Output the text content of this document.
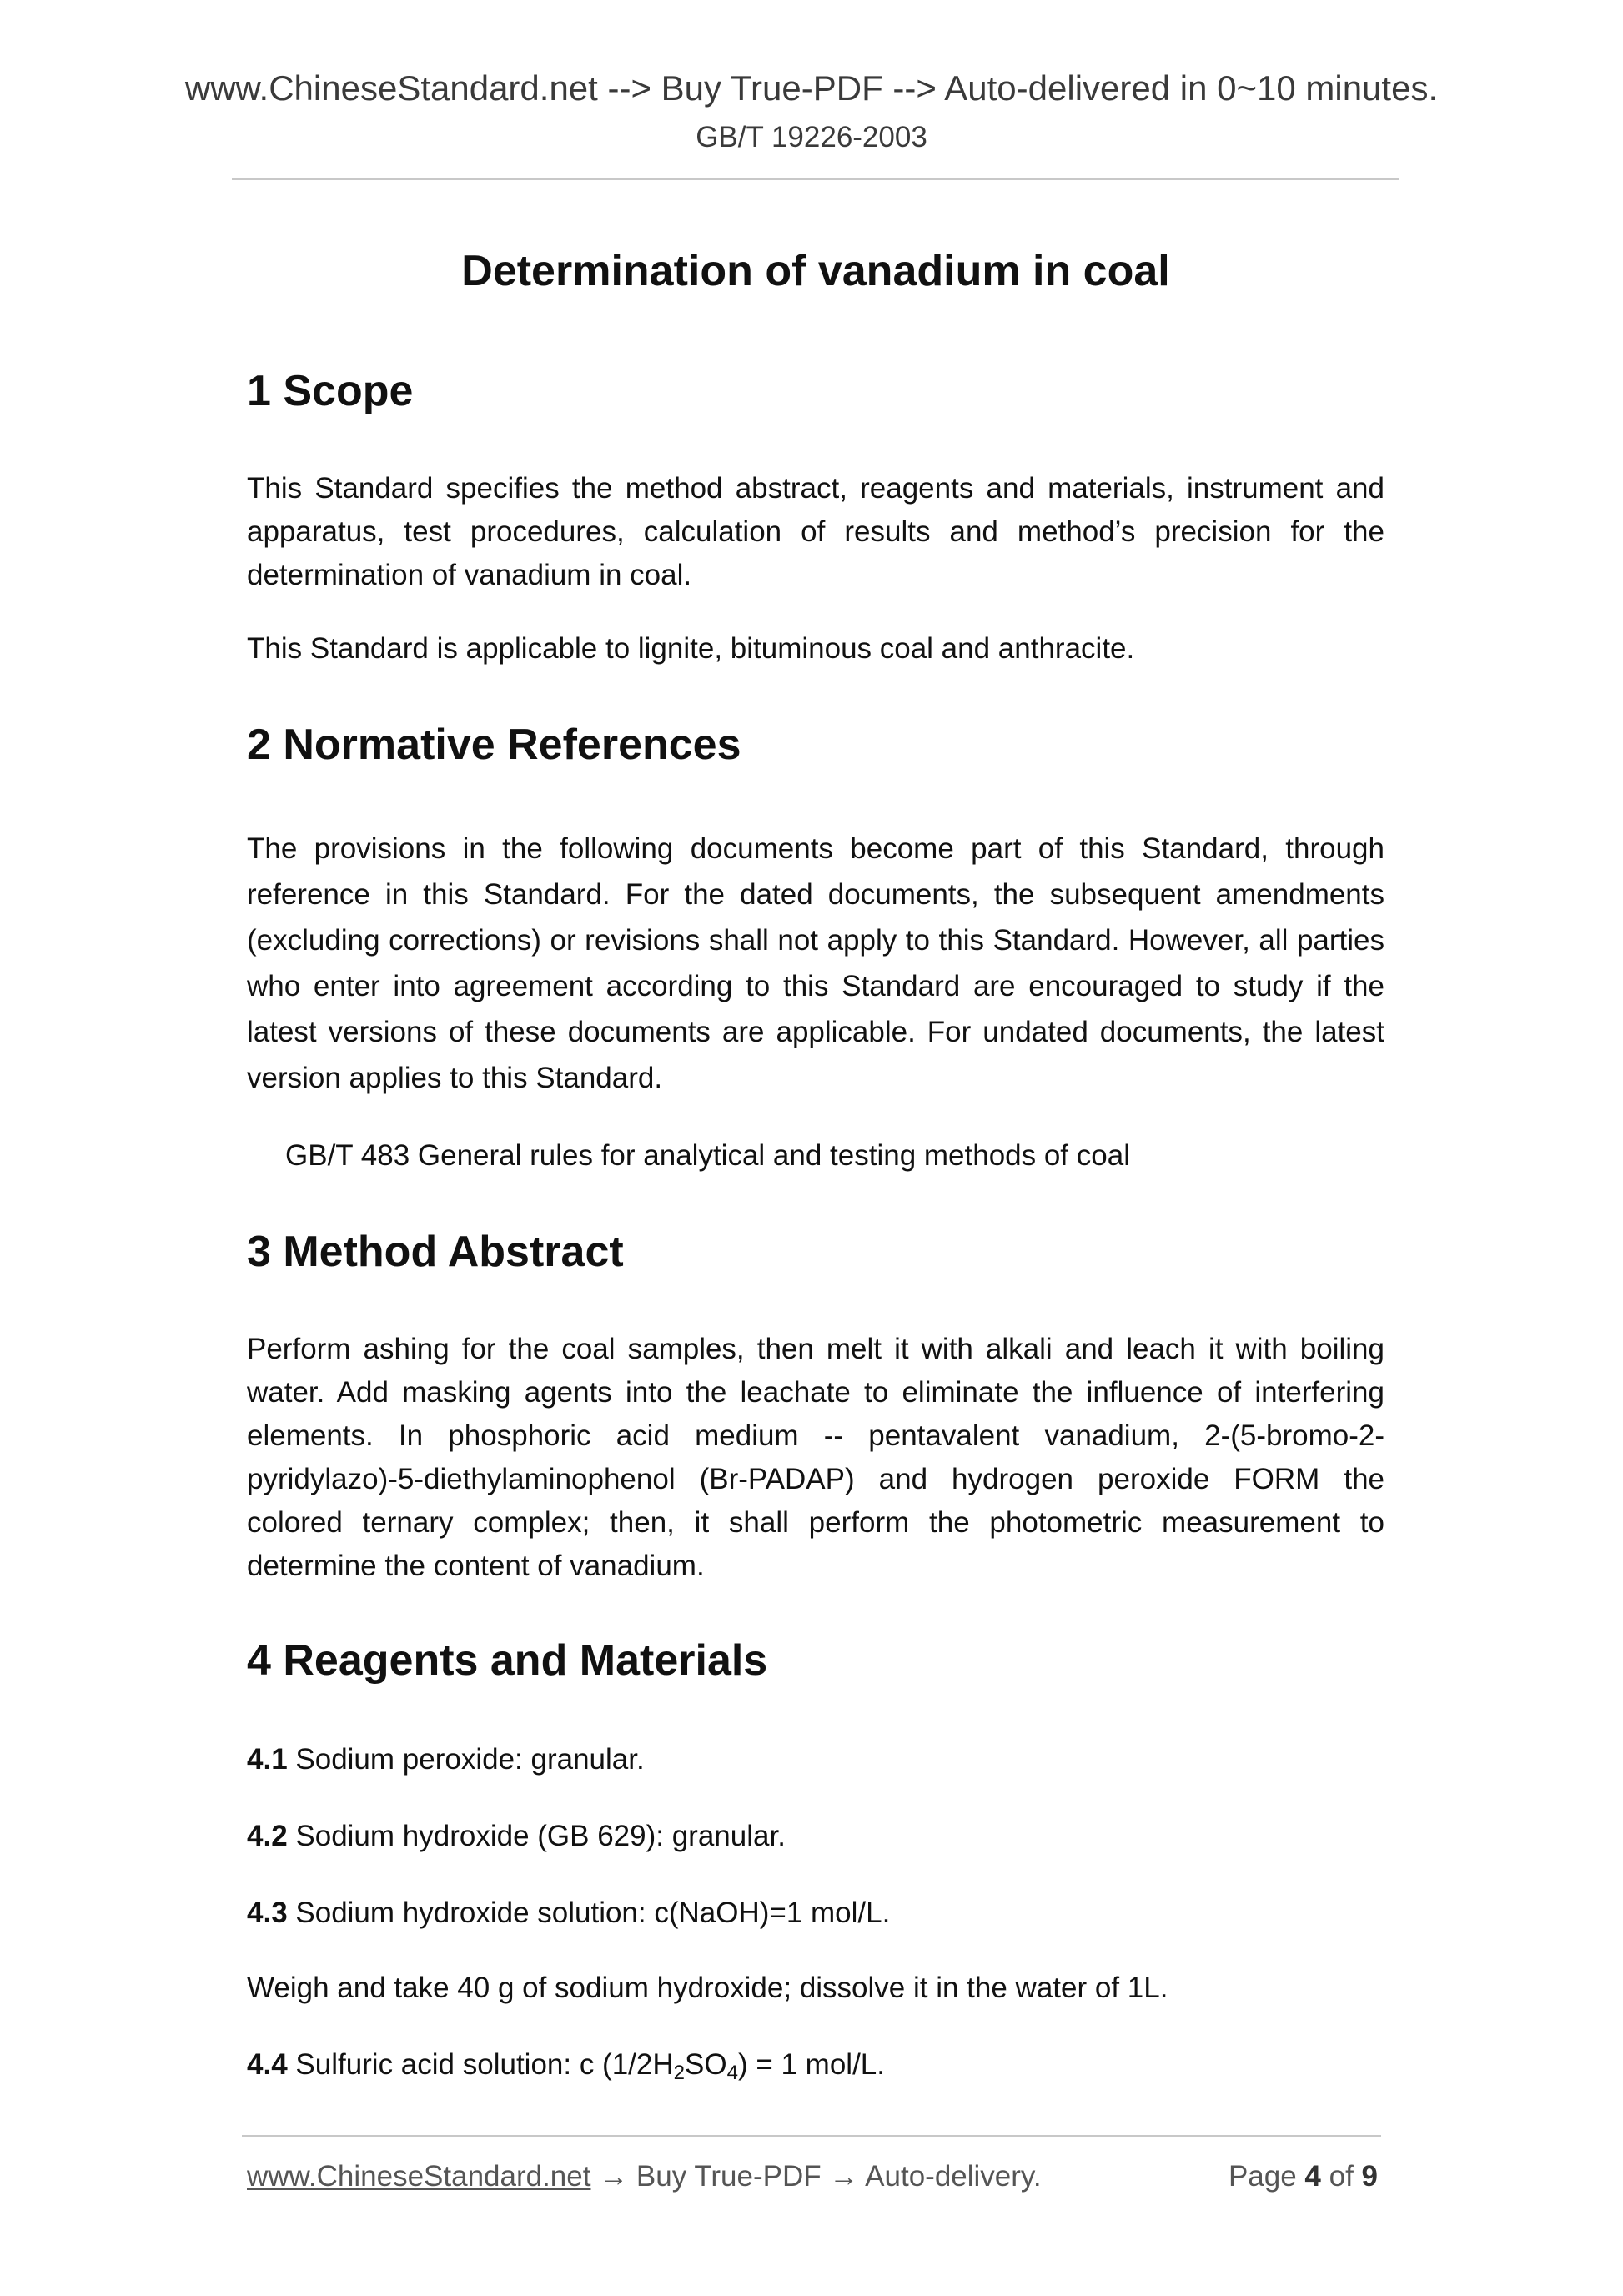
www.ChineseStandard.net --> Buy True-PDF --> Auto-delivered in 0~10 minutes.
GB/T 19226-2003
Determination of vanadium in coal
1 Scope

This Standard specifies the method abstract, reagents and materials, instrument and apparatus, test procedures, calculation of results and method’s precision for the determination of vanadium in coal.

This Standard is applicable to lignite, bituminous coal and anthracite.

2 Normative References

The provisions in the following documents become part of this Standard, through reference in this Standard. For the dated documents, the subsequent amendments (excluding corrections) or revisions shall not apply to this Standard. However, all parties who enter into agreement according to this Standard are encouraged to study if the latest versions of these documents are applicable. For undated documents, the latest version applies to this Standard.

GB/T 483 General rules for analytical and testing methods of coal

3 Method Abstract

Perform ashing for the coal samples, then melt it with alkali and leach it with boiling water. Add masking agents into the leachate to eliminate the influence of interfering elements. In phosphoric acid medium -- pentavalent vanadium, 2-(5-bromo-2-pyridylazo)-5-diethylaminophenol (Br-PADAP) and hydrogen peroxide FORM the colored ternary complex; then, it shall perform the photometric measurement to determine the content of vanadium.

4 Reagents and Materials

4.1 Sodium peroxide: granular.

4.2 Sodium hydroxide (GB 629): granular.

4.3 Sodium hydroxide solution: c(NaOH)=1 mol/L.

Weigh and take 40 g of sodium hydroxide; dissolve it in the water of 1L.

4.4 Sulfuric acid solution: c $(1/2H_2SO_4) = 1$ mol/L.

www.ChineseStandard.net → Buy True-PDF → Auto-delivery.	Page 4 of 9
